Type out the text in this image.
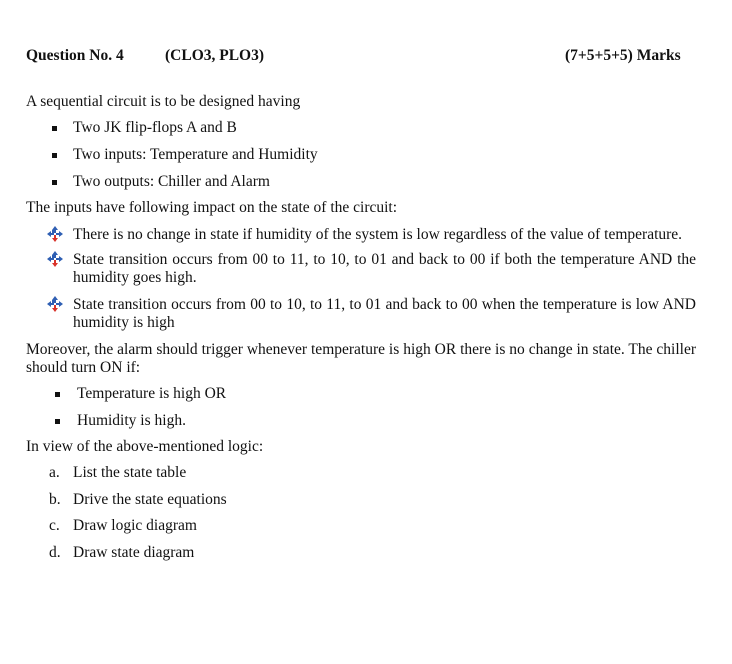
Question No. 4	(CLO3, PLO3)	(7+5+5+5) Marks
A sequential circuit is to be designed having
Two JK flip-flops A and B
Two inputs: Temperature and Humidity
Two outputs: Chiller and Alarm
The inputs have following impact on the state of the circuit:
There is no change in state if humidity of the system is low regardless of the value of temperature.
State transition occurs from 00 to 11, to 10, to 01 and back to 00 if both the temperature AND the humidity goes high.
State transition occurs from 00 to 10, to 11, to 01 and back to 00 when the temperature is low AND humidity is high
Moreover, the alarm should trigger whenever temperature is high OR there is no change in state. The chiller should turn ON if:
Temperature is high OR
Humidity is high.
In view of the above-mentioned logic:
a. List the state table
b. Drive the state equations
c. Draw logic diagram
d. Draw state diagram
